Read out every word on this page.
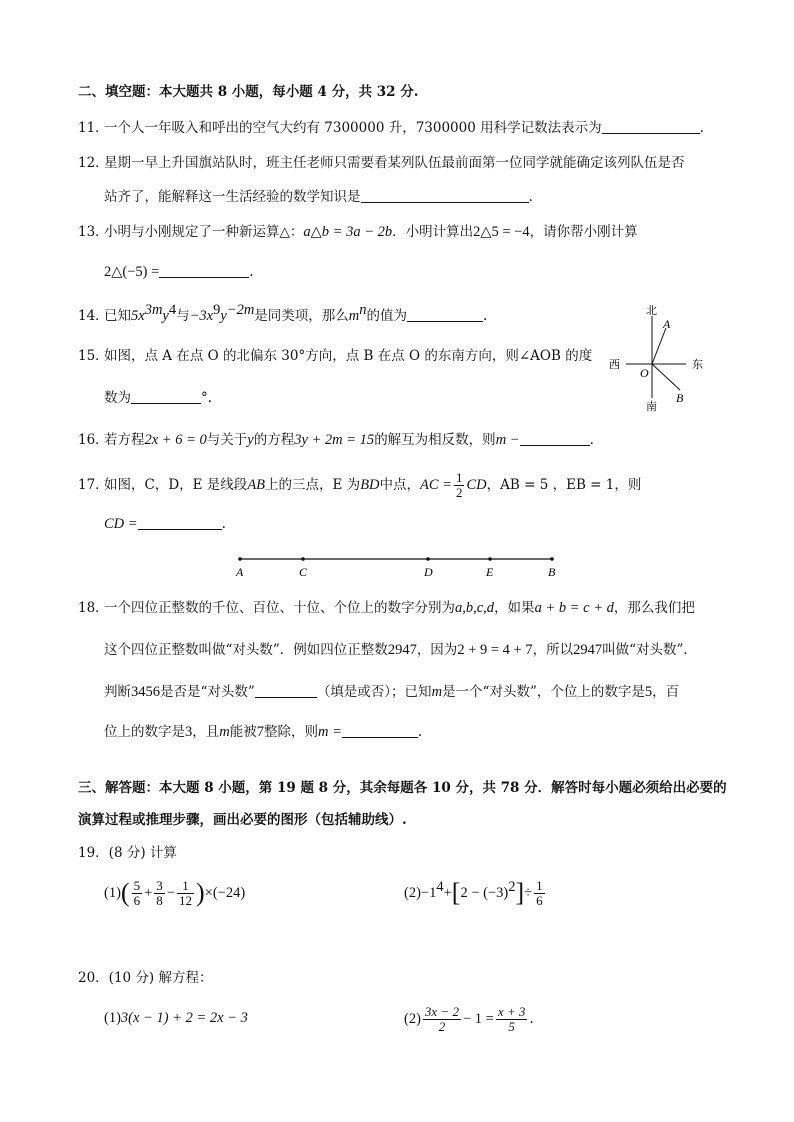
二、填空题：本大题共 8 小题，每小题 4 分，共 32 分.
11．一个人一年吸入和呼出的空气大约有 7300000 升，7300000 用科学记数法表示为	.
12．星期一早上升国旗站队时，班主任老师只需要看某列队伍最前面第一位同学就能确定该列队伍是否
站齐了，能解释这一生活经验的数学知识是	.
13．小明与小刚规定了一种新运算△：a△b = 3a − 2b．小明计算出2△5 = −4，请你帮小刚计算
2△(−5) =	.
14．已知$5x^{3m}y^4$与$-3x^9y^{-2m}$是同类项，那么$m^n$的值为	.
15．如图，点 A 在点 O 的北偏东 30°方向，点 B 在点 O 的东南方向，则∠AOB 的度
数为	°.
北
南
东
西
A
B
O
16．若方程2x + 6 = 0与关于y的方程3y + 2m = 15的解互为相反数，则m −	.
17．如图，C，D，E 是线段AB上的三点，E 为BD中点，AC = $\frac{1}{2}$ CD，AB = 5 ，EB = 1，则
CD =	.
A	C	D	E	B
18．一个四位正整数的千位、百位、十位、个位上的数字分别为a,b,c,d，如果a + b = c + d，那么我们把
这个四位正整数叫做“对头数”．例如四位正整数2947，因为2 + 9 = 4 + 7，所以2947叫做“对头数”．
判断3456是否是“对头数”	（填是或否）；已知m是一个“对头数”，个位上的数字是5，百
位上的数字是3，且m能被7整除，则m =	.
三、解答题：本大题 8 小题，第 19 题 8 分，其余每题各 10 分，共 78 分．解答时每小题必须给出必要的
演算过程或推理步骤，画出必要的图形（包括辅助线）.
19．(8 分) 计算
$(1)( \frac{5}{6} + \frac{3}{8} - \frac{1}{12} )\times(-24)$	$(2)-1^4+[2 - (-3)^2]\div \frac{1}{6}$
20．(10 分) 解方程：
(1)3(x − 1) + 2 = 2x − 3	$(2) \frac{3x - 2}{2} - 1 = \frac{x + 3}{5}$ .
